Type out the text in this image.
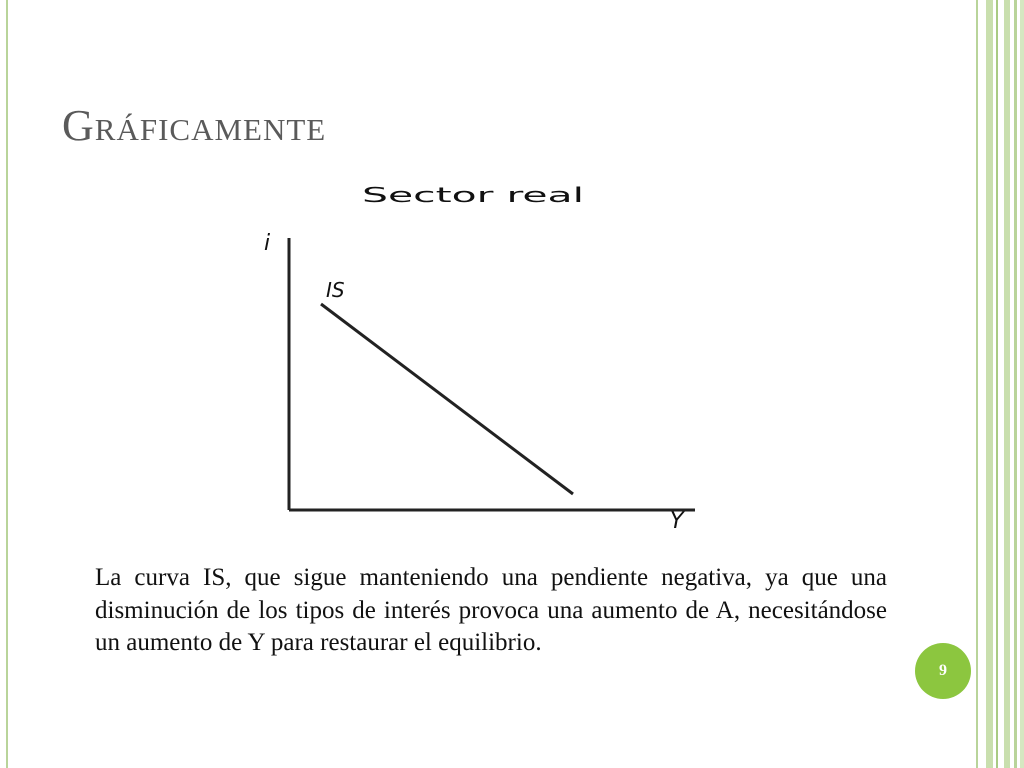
Gráficamente
Sector real
i
Y
IS
La curva IS, que sigue manteniendo una pendiente negativa, ya que una disminución de los tipos de interés provoca una aumento de A, necesitándose un aumento de Y para restaurar el equilibrio.
9
